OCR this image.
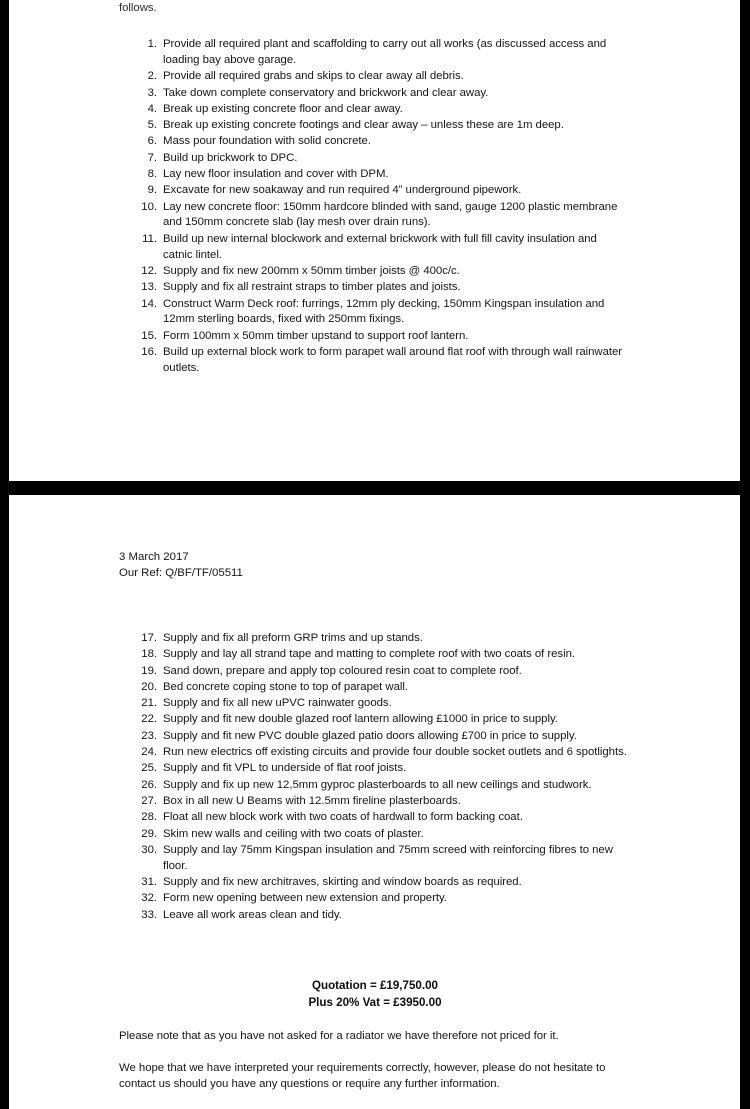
follows.
1. Provide all required plant and scaffolding to carry out all works (as discussed access and loading bay above garage.
2. Provide all required grabs and skips to clear away all debris.
3. Take down complete conservatory and brickwork and clear away.
4. Break up existing concrete floor and clear away.
5. Break up existing concrete footings and clear away – unless these are 1m deep.
6. Mass pour foundation with solid concrete.
7. Build up brickwork to DPC.
8. Lay new floor insulation and cover with DPM.
9. Excavate for new soakaway and run required 4” underground pipework.
10. Lay new concrete floor: 150mm hardcore blinded with sand, gauge 1200 plastic membrane and 150mm concrete slab (lay mesh over drain runs).
11. Build up new internal blockwork and external brickwork with full fill cavity insulation and catnic lintel.
12. Supply and fix new 200mm x 50mm timber joists @ 400c/c.
13. Supply and fix all restraint straps to timber plates and joists.
14. Construct Warm Deck roof: furrings, 12mm ply decking, 150mm Kingspan insulation and 12mm sterling boards, fixed with 250mm fixings.
15. Form 100mm x 50mm timber upstand to support roof lantern.
16. Build up external block work to form parapet wall around flat roof with through wall rainwater outlets.
3 March 2017
Our Ref: Q/BF/TF/05511
17. Supply and fix all preform GRP trims and up stands.
18. Supply and lay all strand tape and matting to complete roof with two coats of resin.
19. Sand down, prepare and apply top coloured resin coat to complete roof.
20. Bed concrete coping stone to top of parapet wall.
21. Supply and fix all new uPVC rainwater goods.
22. Supply and fit new double glazed roof lantern allowing £1000 in price to supply.
23. Supply and fit new PVC double glazed patio doors allowing £700 in price to supply.
24. Run new electrics off existing circuits and provide four double socket outlets and 6 spotlights.
25. Supply and fit VPL to underside of flat roof joists.
26. Supply and fix up new 12,5mm gyproc plasterboards to all new ceilings and studwork.
27. Box in all new U Beams with 12.5mm fireline plasterboards.
28. Float all new block work with two coats of hardwall to form backing coat.
29. Skim new walls and ceiling with two coats of plaster.
30. Supply and lay 75mm Kingspan insulation and 75mm screed with reinforcing fibres to new floor.
31. Supply and fix new architraves, skirting and window boards as required.
32. Form new opening between new extension and property.
33. Leave all work areas clean and tidy.
Quotation = £19,750.00
Plus 20% Vat = £3950.00

Please note that as you have not asked for a radiator we have therefore not priced for it.

We hope that we have interpreted your requirements correctly, however, please do not hesitate to contact us should you have any questions or require any further information.
